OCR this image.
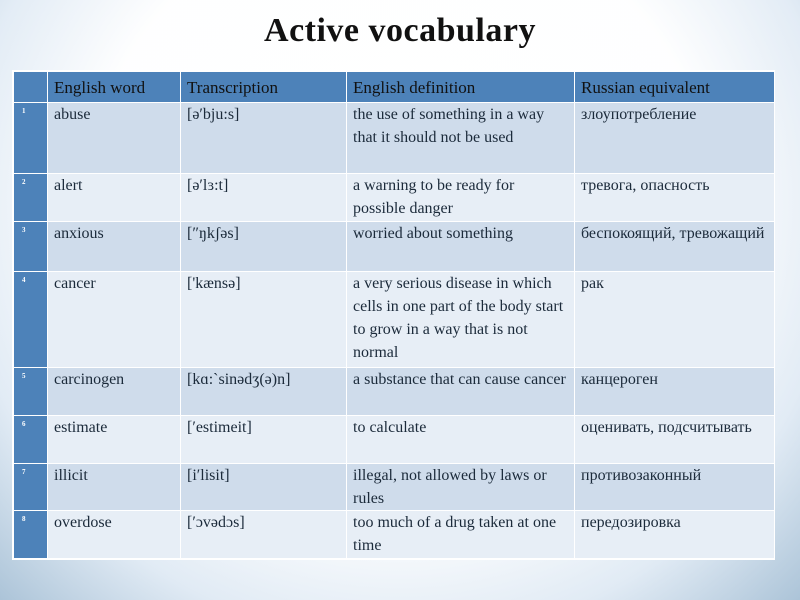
Active vocabulary
	English word	Transcription	English definition	Russian equivalent
1	abuse	[ə′bju:s]	the use of something in a way that it should not be used	злоупотребление
2	alert	[ə′lɜ:t]	a warning to be ready for possible danger	тревога, опасность
3	anxious	[″ŋkʃəs]	worried about something	беспокоящий, тревожащий
4	cancer	['kænsə]	a very serious disease in which cells in one part of the body start to grow in a way that is not normal	рак
5	carcinogen	[kɑ:`sinədʒ(ə)n]	a substance that can cause cancer	канцероген
6	estimate	[′estimeit]	to calculate	оценивать, подсчитывать
7	illicit	[i′lisit]	illegal, not allowed by laws or rules	противозаконный
8	overdose	[′ɔvədɔs]	too much of a drug taken at one time	передозировка
